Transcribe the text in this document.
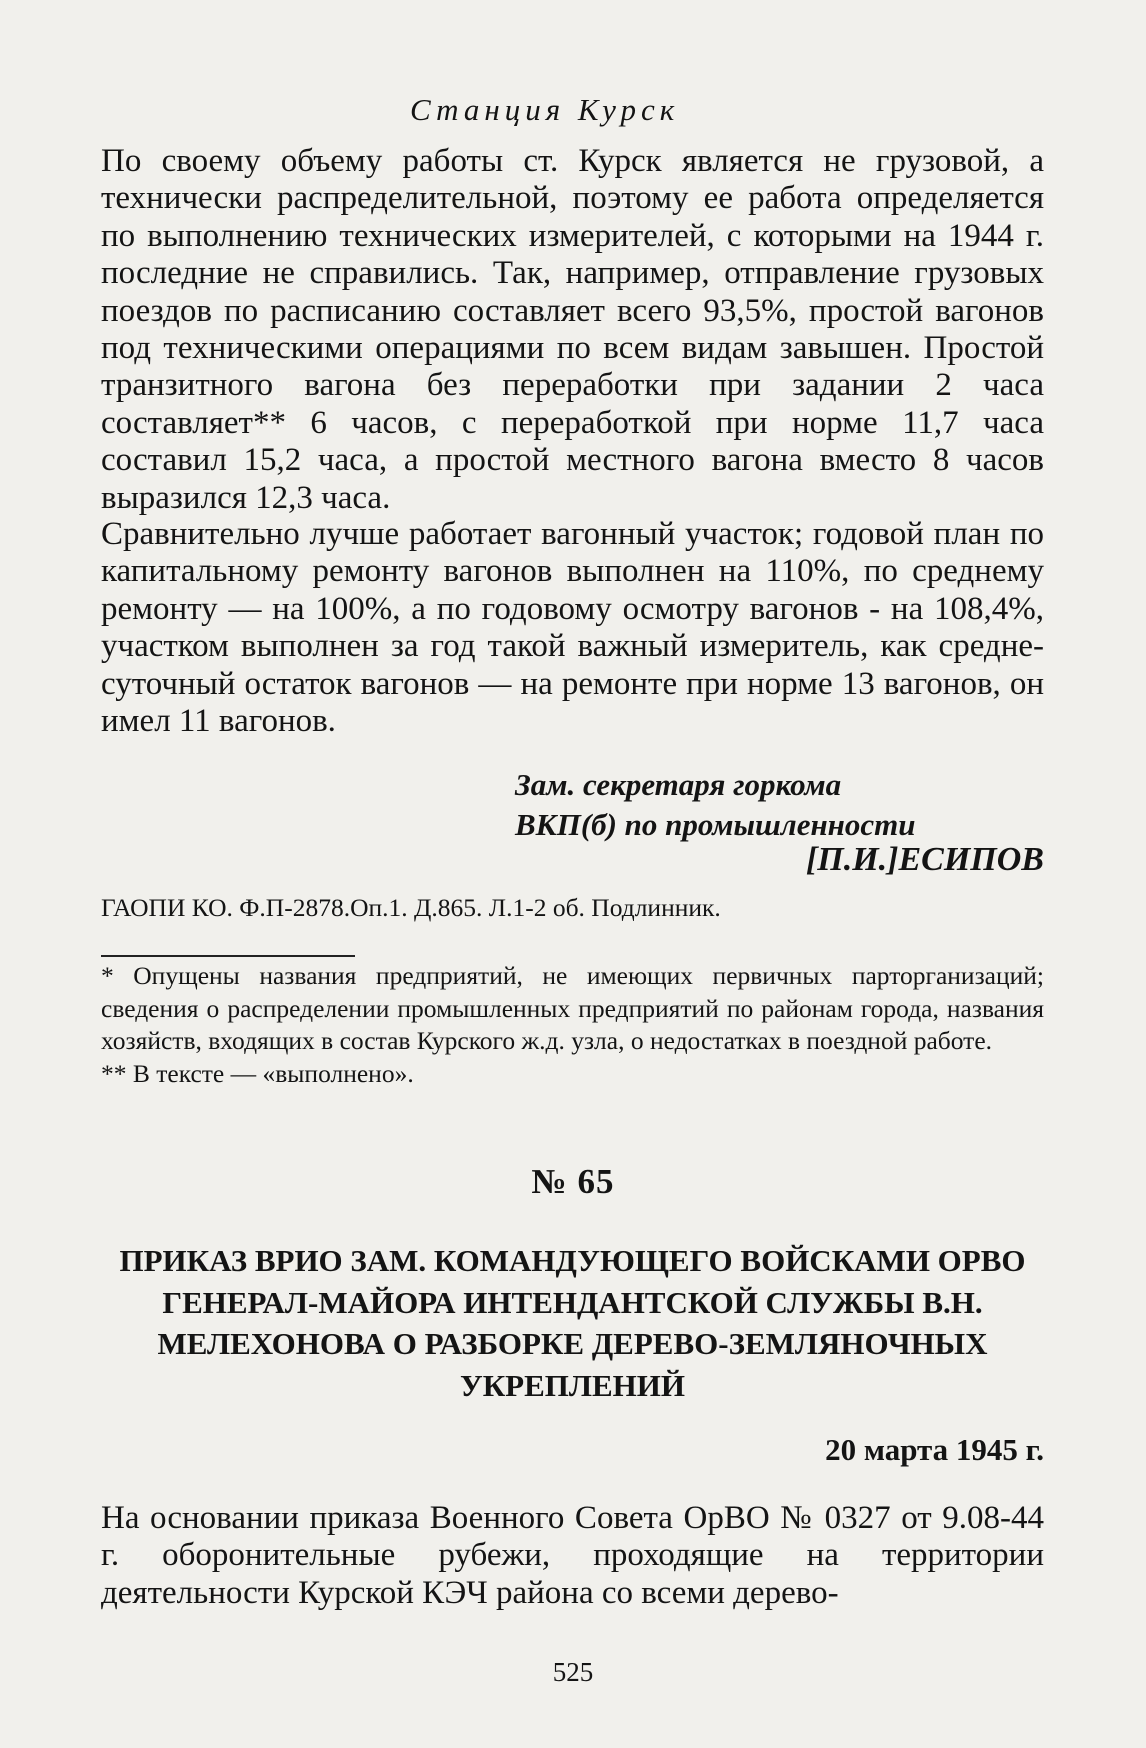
Станция Курск

По своему объему работы ст. Курск является не грузовой, а технически распределительной, поэтому ее работа определяется по выполнению технических измерителей, с которыми на 1944 г. последние не справились. Так, например, отправление грузовых поездов по расписанию составляет всего 93,5%, простой вагонов под техническими операциями по всем видам завышен. Простой транзитного вагона без переработки при задании 2 часа составляет** 6 часов, с переработкой при норме 11,7 часа составил 15,2 часа, а простой местного вагона вместо 8 часов выразился 12,3 часа.

Сравнительно лучше работает вагонный участок; годовой план по капитальному ремонту вагонов выполнен на 110%, по среднему ремонту — на 100%, а по годовому осмотру вагонов - на 108,4%, участком выполнен за год такой важный измеритель, как средне-суточный остаток вагонов — на ремонте при норме 13 вагонов, он имел 11 вагонов.

Зам. секретаря горкома
ВКП(б) по промышленности
[П.И.]ЕСИПОВ
ГАОПИ КО. Ф.П-2878.Оп.1. Д.865. Л.1-2 об. Подлинник.

* Опущены названия предприятий, не имеющих первичных парторганизаций; сведения о распределении промышленных предприятий по районам города, названия хозяйств, входящих в состав Курского ж.д. узла, о недостатках в поездной работе.

** В тексте — «выполнено».

№ 65

ПРИКАЗ ВРИО ЗАМ. КОМАНДУЮЩЕГО ВОЙСКАМИ ОРВО ГЕНЕРАЛ-МАЙОРА ИНТЕНДАНТСКОЙ СЛУЖБЫ В.Н. МЕЛЕХОНОВА О РАЗБОРКЕ ДЕРЕВО-ЗЕМЛЯНОЧНЫХ УКРЕПЛЕНИЙ

20 марта 1945 г.

На основании приказа Военного Совета ОрВО № 0327 от 9.08-44 г. оборонительные рубежи, проходящие на территории деятельности Курской КЭЧ района со всеми дерево-

525
